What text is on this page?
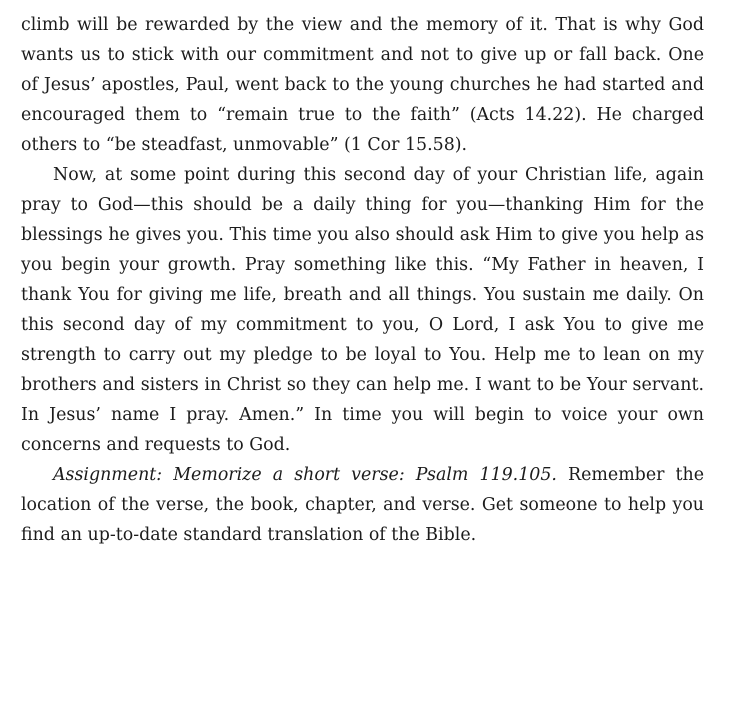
climb will be rewarded by the view and the memory of it. That is why God wants us to stick with our commitment and not to give up or fall back. One of Jesus’ apostles, Paul, went back to the young churches he had started and encouraged them to “remain true to the faith” (Acts 14.22). He charged others to “be steadfast, unmovable” (1 Cor 15.58).

Now, at some point during this second day of your Christian life, again pray to God—this should be a daily thing for you—thanking Him for the blessings he gives you. This time you also should ask Him to give you help as you begin your growth. Pray something like this. “My Father in heaven, I thank You for giving me life, breath and all things. You sustain me daily. On this second day of my commitment to you, O Lord, I ask You to give me strength to carry out my pledge to be loyal to You. Help me to lean on my brothers and sisters in Christ so they can help me. I want to be Your servant. In Jesus’ name I pray. Amen.” In time you will begin to voice your own concerns and requests to God.

Assignment: Memorize a short verse: Psalm 119.105. Remember the location of the verse, the book, chapter, and verse. Get someone to help you find an up-to-date standard translation of the Bible.
